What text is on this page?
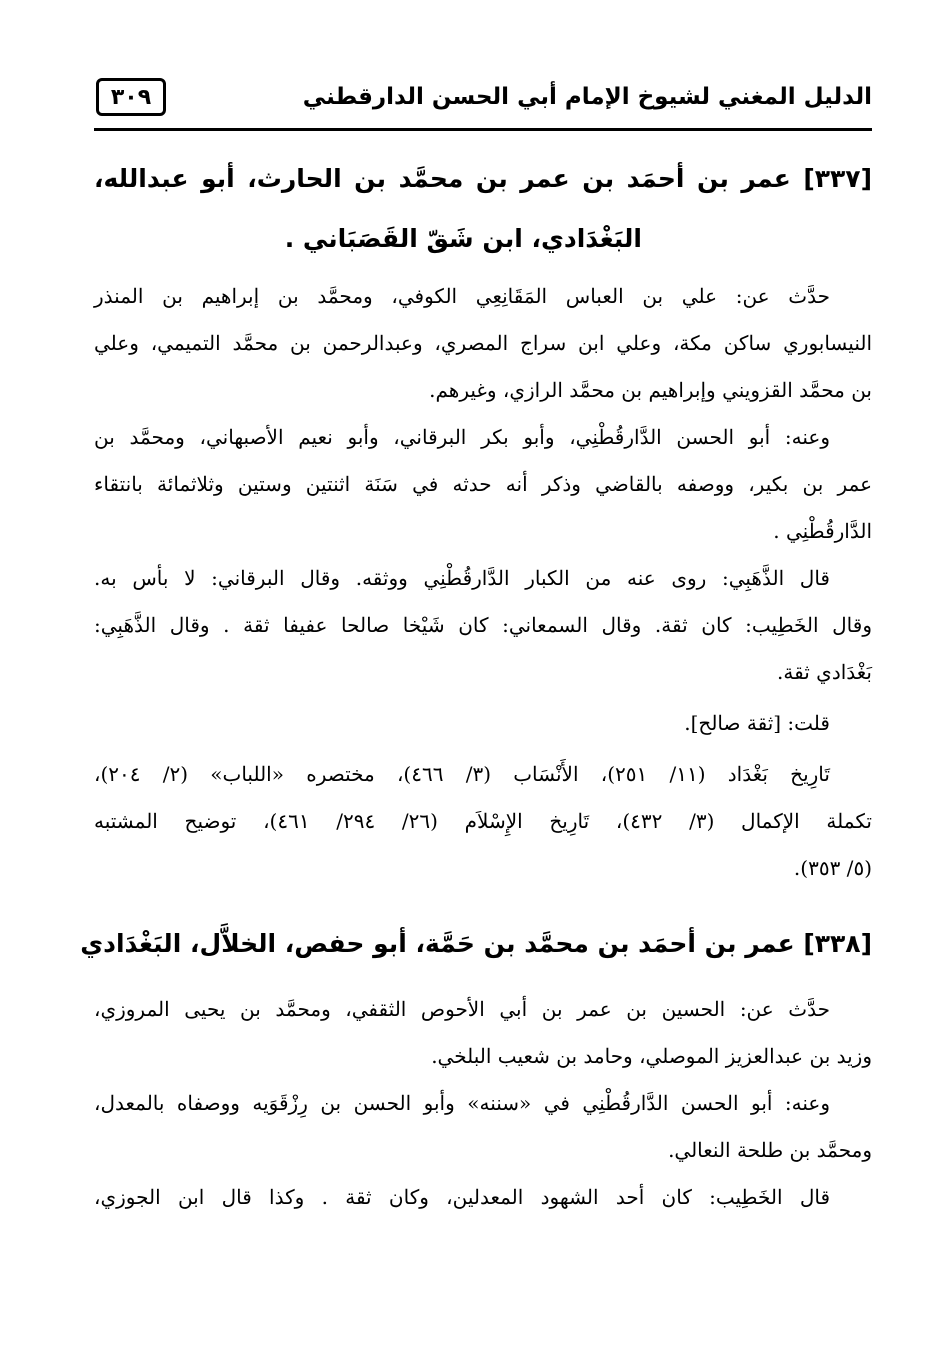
الدليل المغني لشيوخ الإمام أبي الحسن الدارقطني
٣٠٩
[٣٣٧] عمر بن أحمَد بن عمر بن محمَّد بن الحارث، أبو عبدالله،
البَغْدَادي، ابن شَقّ القَصَبَاني .
حدَّث عن: علي بن العباس المَقَانِعِي الكوفي، ومحمَّد بن إبراهيم بن المنذر
النيسابوري ساكن مكة، وعلي ابن سراج المصري، وعبدالرحمن بن محمَّد التميمي، وعلي
بن محمَّد القزويني وإبراهيم بن محمَّد الرازي، وغيرهم.
وعنه: أبو الحسن الدَّارقُطْنِي، وأبو بكر البرقاني، وأبو نعيم الأصبهاني، ومحمَّد بن
عمر بن بكير، ووصفه بالقاضي وذكر أنه حدثه في سَنَة اثنتين وستين وثلاثمائة بانتقاء
الدَّارقُطْنِي .
قال الذَّهَبِي: روى عنه من الكبار الدَّارقُطْنِي ووثقه. وقال البرقاني: لا بأس به.
وقال الخَطِيب: كان ثقة. وقال السمعاني: كان شَيْخا صالحا عفيفا ثقة . وقال الذَّهَبِي:
بَغْدَادي ثقة.
قلت: [ثقة صالح].
تَارِيخ بَغْدَاد (١١/ ٢٥١)، الأَنْسَاب (٣/ ٤٦٦)، مختصره «اللباب» (٢/ ٢٠٤)،
تكملة الإكمال (٣/ ٤٣٢)، تَارِيخ الإِسْلاَم (٢٦/ ٢٩٤/ ٤٦١)، توضيح المشتبه
(٥/ ٣٥٣).
[٣٣٨] عمر بن أحمَد بن محمَّد بن حَمَّة، أبو حفص، الخلاَّل، البَغْدَادي
حدَّث عن: الحسين بن عمر بن أبي الأحوص الثقفي، ومحمَّد بن يحيى المروزي،
وزيد بن عبدالعزيز الموصلي، وحامد بن شعيب البلخي.
وعنه: أبو الحسن الدَّارقُطْنِي في «سننه» وأبو الحسن بن رِزْقَوَيه ووصفاه بالمعدل،
ومحمَّد بن طلحة النعالي.
قال الخَطِيب: كان أحد الشهود المعدلين، وكان ثقة . وكذا قال ابن الجوزي،
